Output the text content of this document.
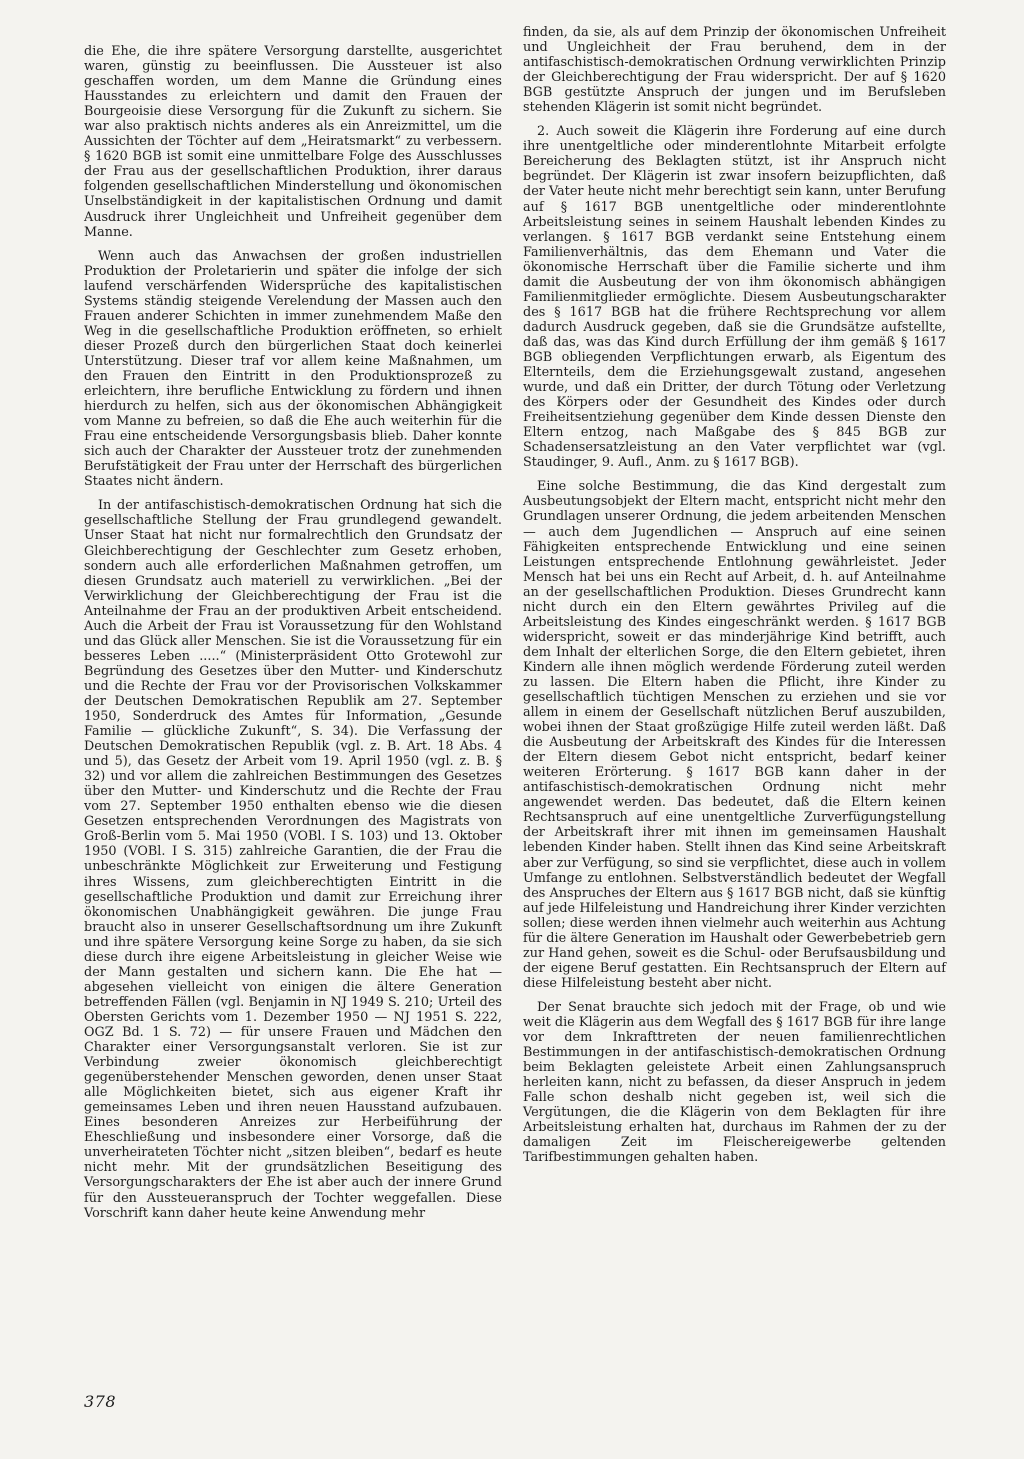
die Ehe, die ihre spätere Versorgung darstellte, ausgerichtet waren, günstig zu beeinflussen. Die Aussteuer ist also geschaffen worden, um dem Manne die Gründung eines Hausstandes zu erleichtern und damit den Frauen der Bourgeoisie diese Versorgung für die Zukunft zu sichern. Sie war also praktisch nichts anderes als ein Anreizmittel, um die Aussichten der Töchter auf dem „Heiratsmarkt“ zu verbessern. § 1620 BGB ist somit eine unmittelbare Folge des Ausschlusses der Frau aus der gesellschaftlichen Produktion, ihrer daraus folgenden gesellschaftlichen Minderstellung und ökonomischen Unselbständigkeit in der kapitalistischen Ordnung und damit Ausdruck ihrer Ungleichheit und Unfreiheit gegenüber dem Manne.

Wenn auch das Anwachsen der großen industriellen Produktion der Proletarierin und später die infolge der sich laufend verschärfenden Widersprüche des kapitalistischen Systems ständig steigende Verelendung der Massen auch den Frauen anderer Schichten in immer zunehmendem Maße den Weg in die gesellschaftliche Produktion eröffneten, so erhielt dieser Prozeß durch den bürgerlichen Staat doch keinerlei Unterstützung. Dieser traf vor allem keine Maßnahmen, um den Frauen den Eintritt in den Produktionsprozeß zu erleichtern, ihre berufliche Entwicklung zu fördern und ihnen hierdurch zu helfen, sich aus der ökonomischen Abhängigkeit vom Manne zu befreien, so daß die Ehe auch weiterhin für die Frau eine entscheidende Versorgungsbasis blieb. Daher konnte sich auch der Charakter der Aussteuer trotz der zunehmenden Berufstätigkeit der Frau unter der Herrschaft des bürgerlichen Staates nicht ändern.

In der antifaschistisch-demokratischen Ordnung hat sich die gesellschaftliche Stellung der Frau grundlegend gewandelt. Unser Staat hat nicht nur formalrechtlich den Grundsatz der Gleichberechtigung der Geschlechter zum Gesetz erhoben, sondern auch alle erforderlichen Maßnahmen getroffen, um diesen Grundsatz auch materiell zu verwirklichen. „Bei der Verwirklichung der Gleichberechtigung der Frau ist die Anteilnahme der Frau an der produktiven Arbeit entscheidend. Auch die Arbeit der Frau ist Voraussetzung für den Wohlstand und das Glück aller Menschen. Sie ist die Voraussetzung für ein besseres Leben .....“ (Ministerpräsident Otto Grotewohl zur Begründung des Gesetzes über den Mutter- und Kinderschutz und die Rechte der Frau vor der Provisorischen Volkskammer der Deutschen Demokratischen Republik am 27. September 1950, Sonderdruck des Amtes für Information, „Gesunde Familie — glückliche Zukunft“, S. 34). Die Verfassung der Deutschen Demokratischen Republik (vgl. z. B. Art. 18 Abs. 4 und 5), das Gesetz der Arbeit vom 19. April 1950 (vgl. z. B. § 32) und vor allem die zahlreichen Bestimmungen des Gesetzes über den Mutter- und Kinderschutz und die Rechte der Frau vom 27. September 1950 enthalten ebenso wie die diesen Gesetzen entsprechenden Verordnungen des Magistrats von Groß-Berlin vom 5. Mai 1950 (VOBl. I S. 103) und 13. Oktober 1950 (VOBl. I S. 315) zahlreiche Garantien, die der Frau die unbeschränkte Möglichkeit zur Erweiterung und Festigung ihres Wissens, zum gleichberechtigten Eintritt in die gesellschaftliche Produktion und damit zur Erreichung ihrer ökonomischen Unabhängigkeit gewähren. Die junge Frau braucht also in unserer Gesellschaftsordnung um ihre Zukunft und ihre spätere Versorgung keine Sorge zu haben, da sie sich diese durch ihre eigene Arbeitsleistung in gleicher Weise wie der Mann gestalten und sichern kann. Die Ehe hat — abgesehen vielleicht von einigen die ältere Generation betreffenden Fällen (vgl. Benjamin in NJ 1949 S. 210; Urteil des Obersten Gerichts vom 1. Dezember 1950 — NJ 1951 S. 222, OGZ Bd. 1 S. 72) — für unsere Frauen und Mädchen den Charakter einer Versorgungsanstalt verloren. Sie ist zur Verbindung zweier ökonomisch gleichberechtigt gegenüberstehender Menschen geworden, denen unser Staat alle Möglichkeiten bietet, sich aus eigener Kraft ihr gemeinsames Leben und ihren neuen Hausstand aufzubauen. Eines besonderen Anreizes zur Herbeiführung der Eheschließung und insbesondere einer Vorsorge, daß die unverheirateten Töchter nicht „sitzen bleiben“, bedarf es heute nicht mehr. Mit der grundsätzlichen Beseitigung des Versorgungscharakters der Ehe ist aber auch der innere Grund für den Aussteueranspruch der Tochter weggefallen. Diese Vorschrift kann daher heute keine Anwendung mehr

finden, da sie, als auf dem Prinzip der ökonomischen Unfreiheit und Ungleichheit der Frau beruhend, dem in der antifaschistisch-demokratischen Ordnung verwirklichten Prinzip der Gleichberechtigung der Frau widerspricht. Der auf § 1620 BGB gestützte Anspruch der jungen und im Berufsleben stehenden Klägerin ist somit nicht begründet.

2. Auch soweit die Klägerin ihre Forderung auf eine durch ihre unentgeltliche oder minderentlohnte Mitarbeit erfolgte Bereicherung des Beklagten stützt, ist ihr Anspruch nicht begründet. Der Klägerin ist zwar insofern beizupflichten, daß der Vater heute nicht mehr berechtigt sein kann, unter Berufung auf § 1617 BGB unentgeltliche oder minderentlohnte Arbeitsleistung seines in seinem Haushalt lebenden Kindes zu verlangen. § 1617 BGB verdankt seine Entstehung einem Familienverhältnis, das dem Ehemann und Vater die ökonomische Herrschaft über die Familie sicherte und ihm damit die Ausbeutung der von ihm ökonomisch abhängigen Familienmitglieder ermöglichte. Diesem Ausbeutungscharakter des § 1617 BGB hat die frühere Rechtsprechung vor allem dadurch Ausdruck gegeben, daß sie die Grundsätze aufstellte, daß das, was das Kind durch Erfüllung der ihm gemäß § 1617 BGB obliegenden Verpflichtungen erwarb, als Eigentum des Elternteils, dem die Erziehungsgewalt zustand, angesehen wurde, und daß ein Dritter, der durch Tötung oder Verletzung des Körpers oder der Gesundheit des Kindes oder durch Freiheitsentziehung gegenüber dem Kinde dessen Dienste den Eltern entzog, nach Maßgabe des § 845 BGB zur Schadensersatzleistung an den Vater verpflichtet war (vgl. Staudinger, 9. Aufl., Anm. zu § 1617 BGB).

Eine solche Bestimmung, die das Kind dergestalt zum Ausbeutungsobjekt der Eltern macht, entspricht nicht mehr den Grundlagen unserer Ordnung, die jedem arbeitenden Menschen — auch dem Jugendlichen — Anspruch auf eine seinen Fähigkeiten entsprechende Entwicklung und eine seinen Leistungen entsprechende Entlohnung gewährleistet. Jeder Mensch hat bei uns ein Recht auf Arbeit, d. h. auf Anteilnahme an der gesellschaftlichen Produktion. Dieses Grundrecht kann nicht durch ein den Eltern gewährtes Privileg auf die Arbeitsleistung des Kindes eingeschränkt werden. § 1617 BGB widerspricht, soweit er das minderjährige Kind betrifft, auch dem Inhalt der elterlichen Sorge, die den Eltern gebietet, ihren Kindern alle ihnen möglich werdende Förderung zuteil werden zu lassen. Die Eltern haben die Pflicht, ihre Kinder zu gesellschaftlich tüchtigen Menschen zu erziehen und sie vor allem in einem der Gesellschaft nützlichen Beruf auszubilden, wobei ihnen der Staat großzügige Hilfe zuteil werden läßt. Daß die Ausbeutung der Arbeitskraft des Kindes für die Interessen der Eltern diesem Gebot nicht entspricht, bedarf keiner weiteren Erörterung. § 1617 BGB kann daher in der antifaschistisch-demokratischen Ordnung nicht mehr angewendet werden. Das bedeutet, daß die Eltern keinen Rechtsanspruch auf eine unentgeltliche Zurverfügungstellung der Arbeitskraft ihrer mit ihnen im gemeinsamen Haushalt lebenden Kinder haben. Stellt ihnen das Kind seine Arbeitskraft aber zur Verfügung, so sind sie verpflichtet, diese auch in vollem Umfange zu entlohnen. Selbstverständlich bedeutet der Wegfall des Anspruches der Eltern aus § 1617 BGB nicht, daß sie künftig auf jede Hilfeleistung und Handreichung ihrer Kinder verzichten sollen; diese werden ihnen vielmehr auch weiterhin aus Achtung für die ältere Generation im Haushalt oder Gewerbebetrieb gern zur Hand gehen, soweit es die Schul- oder Berufsausbildung und der eigene Beruf gestatten. Ein Rechtsanspruch der Eltern auf diese Hilfeleistung besteht aber nicht.

Der Senat brauchte sich jedoch mit der Frage, ob und wie weit die Klägerin aus dem Wegfall des § 1617 BGB für ihre lange vor dem Inkrafttreten der neuen familienrechtlichen Bestimmungen in der antifaschistisch-demokratischen Ordnung beim Beklagten geleistete Arbeit einen Zahlungsanspruch herleiten kann, nicht zu befassen, da dieser Anspruch in jedem Falle schon deshalb nicht gegeben ist, weil sich die Vergütungen, die die Klägerin von dem Beklagten für ihre Arbeitsleistung erhalten hat, durchaus im Rahmen der zu der damaligen Zeit im Fleischereigewerbe geltenden Tarifbestimmungen gehalten haben.

378
